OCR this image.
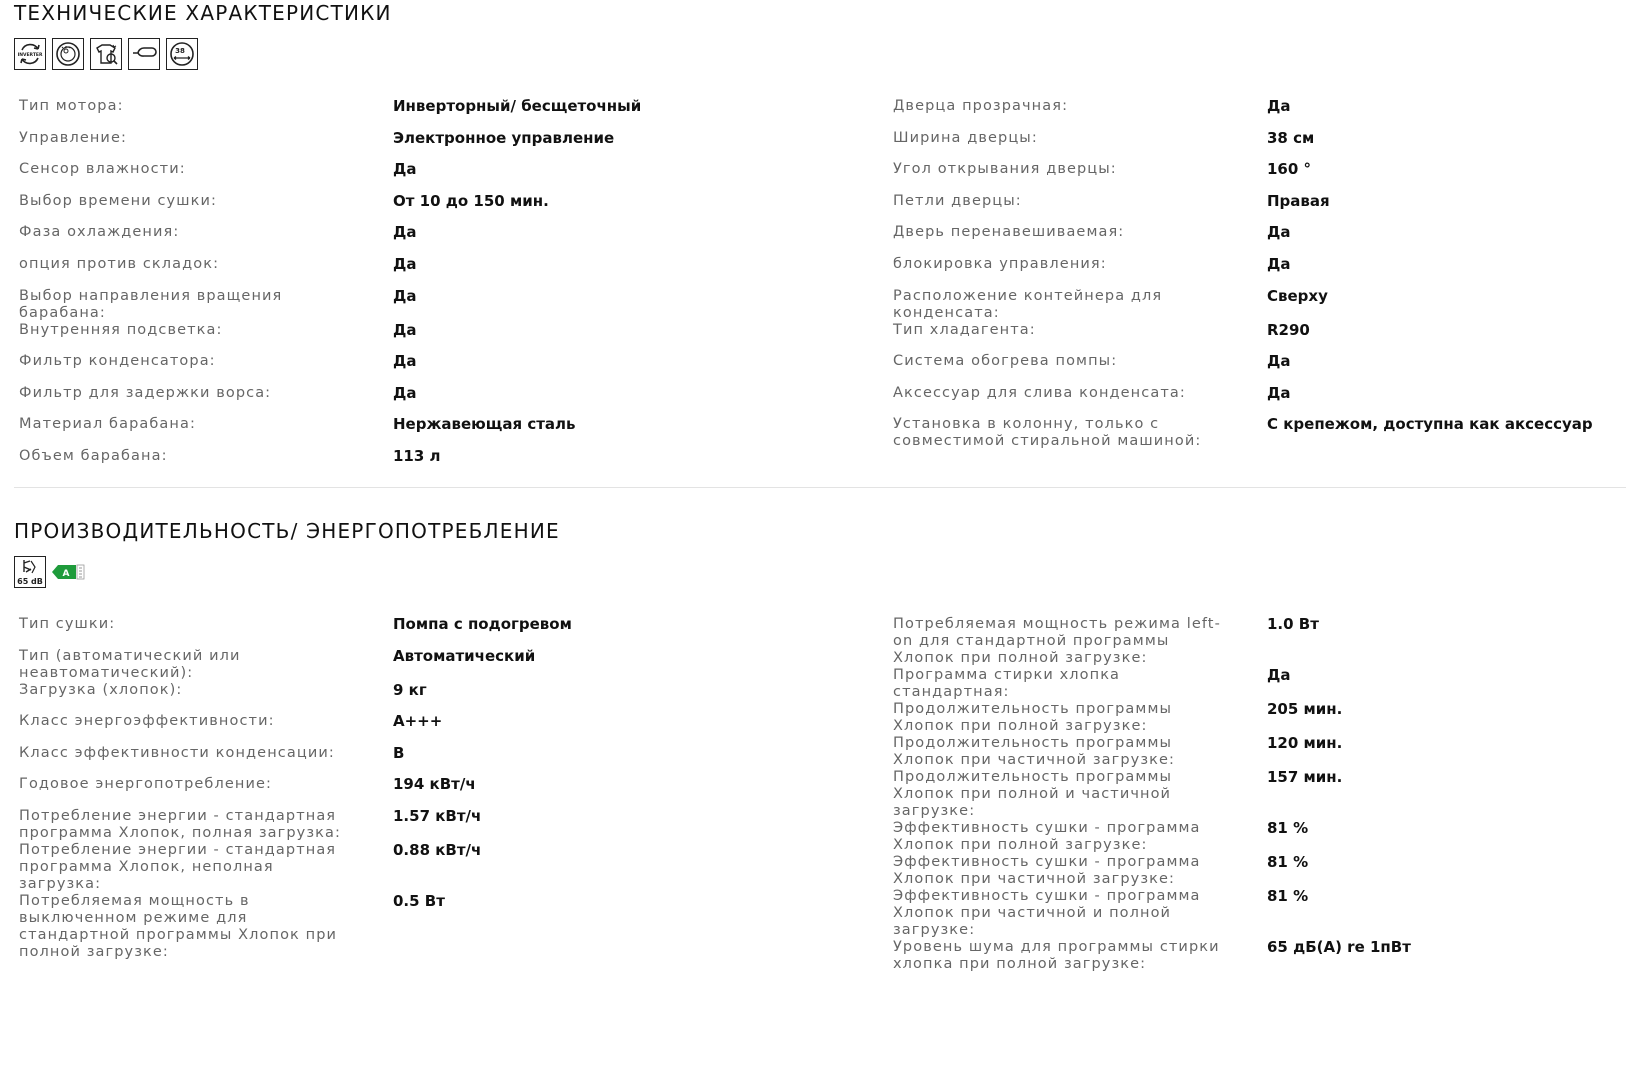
ТЕХНИЧЕСКИЕ ХАРАКТЕРИСТИКИ
INVERTER
38
Тип мотора:	Инверторный/ бесщеточный
Управление:	Электронное управление
Сенсор влажности:	Да
Выбор времени сушки:	От 10 до 150 мин.
Фаза охлаждения:	Да
опция против складок:	Да
Выбор направления вращения барабана:
Да
Внутренняя подсветка:	Да
Фильтр конденсатора:	Да
Фильтр для задержки ворса:	Да
Материал барабана:	Нержавеющая сталь
Объем барабана:	113 л
Дверца прозрачная:	Да
Ширина дверцы:	38 см
Угол открывания дверцы:	160 °
Петли дверцы:	Правая
Дверь перенавешиваемая:	Да
блокировка управления:	Да
Расположение контейнера для конденсата:
Сверху
Тип хладагента:	R290
Система обогрева помпы:	Да
Аксессуар для слива конденсата:	Да
Установка в колонну, только с совместимой стиральной машиной:
С крепежом, доступна как аксессуар
ПРОИЗВОДИТЕЛЬНОСТЬ/ ЭНЕРГОПОТРЕБЛЕНИЕ
65 dB
A
Тип сушки:	Помпа с подогревом
Тип (автоматический или неавтоматический):
Автоматический
Загрузка (хлопок):	9 кг
Класс энергоэффективности:	A+++
Класс эффективности конденсации:	B
Годовое энергопотребление:	194 кВт/ч
Потребление энергии - стандартная программа Хлопок, полная загрузка:
1.57 кВт/ч
Потребление энергии - стандартная программа Хлопок, неполная загрузка:
0.88 кВт/ч
Потребляемая мощность в выключенном режиме для стандартной программы Хлопок при полной загрузке:
0.5 Вт
Потребляемая мощность режима left-on для стандартной программы Хлопок при полной загрузке:
1.0 Вт
Программа стирки хлопка стандартная:
Да
Продолжительность программы Хлопок при полной загрузке:
205 мин.
Продолжительность программы Хлопок при частичной загрузке:
120 мин.
Продолжительность программы Хлопок при полной и частичной загрузке:
157 мин.
Эффективность сушки - программа Хлопок при полной загрузке:
81 %
Эффективность сушки - программа Хлопок при частичной загрузке:
81 %
Эффективность сушки - программа Хлопок при частичной и полной загрузке:
81 %
Уровень шума для программы стирки хлопка при полной загрузке:
65 дБ(А) re 1пВт
